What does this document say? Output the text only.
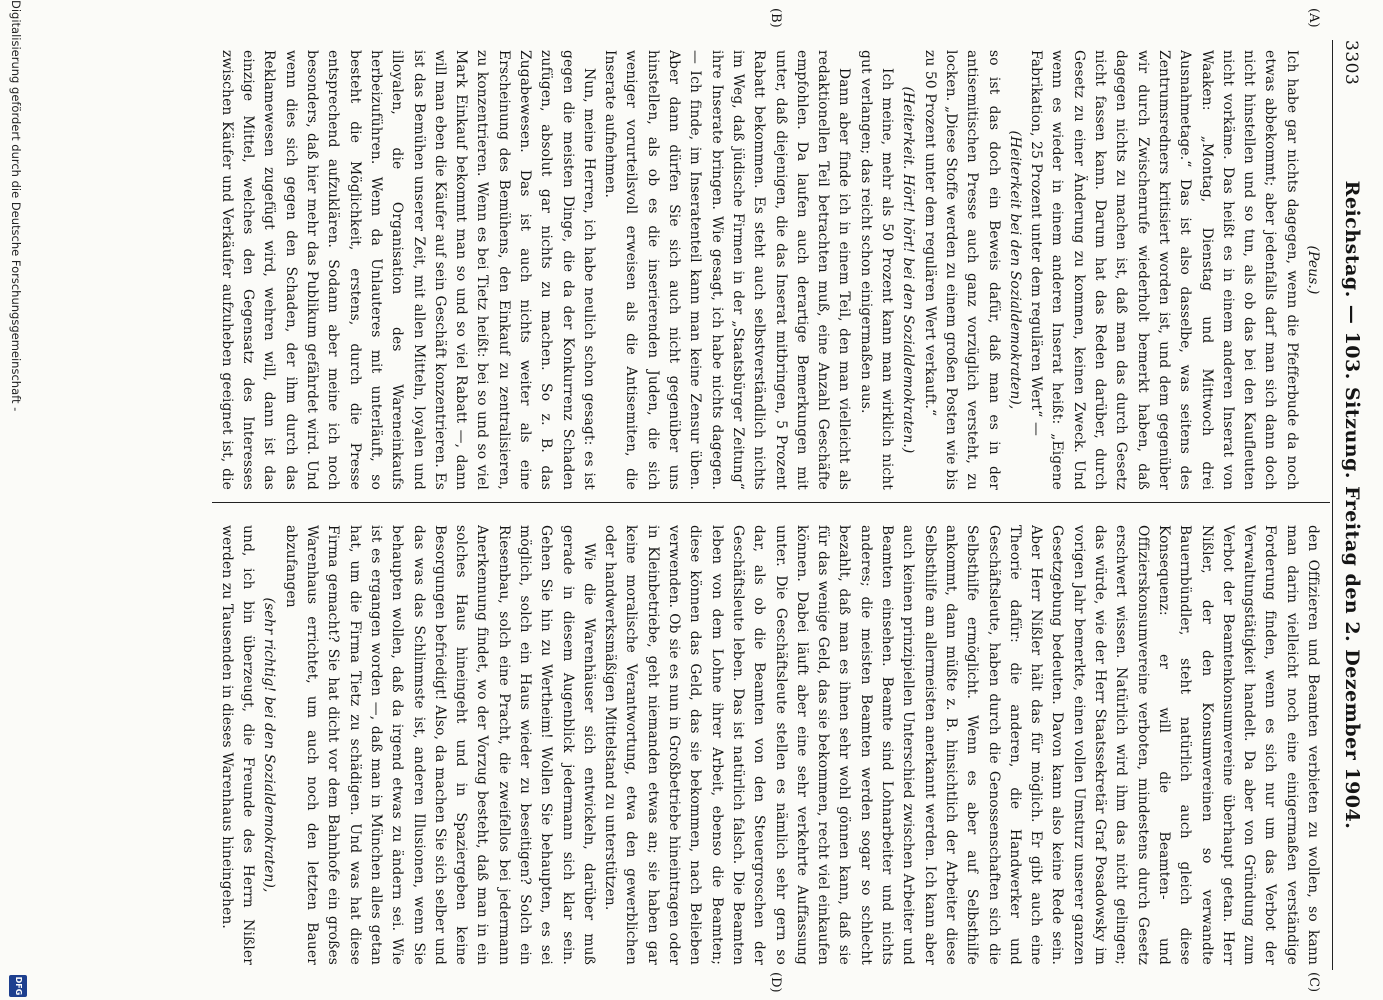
3303
Reichstag. — 103. Sitzung. Freitag den 2. Dezember 1904.
(A)
(B)
(C)
(D)

(Peus.)

Ich habe gar nichts dagegen, wenn die Pfefferbude da noch etwas abbekommt; aber jedenfalls darf man sich dann doch nicht hinstellen und so tun, als ob das bei den Kaufleuten nicht vorkäme. Das heißt es in einem anderen Inserat von Waaken: „Montag, Dienstag und Mittwoch drei Ausnahmetage.“ Das ist also dasselbe, was seitens des Zentrumsredners kritisiert worden ist, und dem gegenüber wir durch Zwischenrufe wiederholt bemerkt haben, daß dagegen nichts zu machen ist, daß man das durch Gesetz nicht fassen kann. Darum hat das Reden darüber, durch Gesetz zu einer Änderung zu kommen, keinen Zweck. Und wenn es wieder in einem anderen Inserat heißt: „Eigene Fabrikation, 25 Prozent unter dem regulären Wert“ —

(Heiterkeit bei den Sozialdemokraten),

so ist das doch ein Beweis dafür, daß man es in der antisemitischen Presse auch ganz vorzüglich versteht, zu locken. „Diese Stoffe werden zu einem großen Posten wie bis zu 50 Prozent unter dem regulären Wert verkauft.“

(Heiterkeit. Hört! hört! bei den Sozialdemokraten.)

Ich meine, mehr als 50 Prozent kann man wirklich nicht gut verlangen; das reicht schon einigermaßen aus.

Dann aber finde ich in einem Teil, den man vielleicht als redaktionellen Teil betrachten muß, eine Anzahl Geschäfte empfohlen. Da laufen auch derartige Bemerkungen mit unter, daß diejenigen, die das Inserat mitbringen, 5 Prozent Rabatt bekommen. Es steht auch selbstverständlich nichts im Weg, daß jüdische Firmen in der „Staatsbürger Zeitung“ ihre Inserate bringen. Wie gesagt, ich habe nichts dagegen. — Ich finde, im Inseratenteil kann man keine Zensur üben. Aber dann dürfen Sie sich auch nicht gegenüber uns hinstellen, als ob es die inserierenden Juden, die sich weniger vorurteilsvoll erweisen als die Antisemiten, die Inserate aufnehmen.

Nun, meine Herren, ich habe neulich schon gesagt: es ist gegen die meisten Dinge, die da der Konkurrenz Schaden zufügen, absolut gar nichts zu machen. So z. B. das Zugabewesen. Das ist auch nichts weiter als eine Erscheinung des Bemühens, den Einkauf zu zentralisieren, zu konzentrieren. Wenn es bei Tietz heißt: bei so und so viel Mark Einkauf bekommt man so und so viel Rabatt —, dann will man eben die Käufer auf sein Geschäft konzentrieren. Es ist das Bemühen unserer Zeit, mit allen Mitteln, loyalen und illoyalen, die Organisation des Wareneinkaufs herbeizuführen. Wenn da Unlauteres mit unterläuft, so besteht die Möglichkeit, erstens, durch die Presse entsprechend aufzuklären. Sodann aber meine ich noch besonders, daß hier mehr das Publikum gefährdet wird. Und wenn dies sich gegen den Schaden, der ihm durch das Reklamewesen zugefügt wird, wehren will, dann ist das einzige Mittel, welches den Gegensatz des Interesses zwischen Käufer und Verkäufer aufzuheben geeignet ist, die

den Offizieren und Beamten verbieten zu wollen, so kann man darin vielleicht noch eine einigermaßen verständige Forderung finden, wenn es sich nur um das Verbot der Verwaltungstätigkeit handelt. Da aber von Gründung zum Verbot der Beamtenkonsumvereine überhaupt getan. Herr Nißler, der den Konsumvereinen so verwandte Bauernbündler, steht natürlich auch gleich diese Konsequenz: er will die Beamten- und Offizierskonsumvereine verboten, mindestens durch Gesetz erschwert wissen. Natürlich wird ihm das nicht gelingen; das würde, wie der Herr Staatssekretär Graf Posadowsky im vorigen Jahr bemerkte, einen vollen Umsturz unserer ganzen Gesetzgebung bedeuten. Davon kann also keine Rede sein. Aber Herr Nißler hält das für möglich. Er gibt auch eine Theorie dafür: die anderen, die Handwerker und Geschäftsleute, haben durch die Genossenschaften sich die Selbsthilfe ermöglicht. Wenn es aber auf Selbsthilfe ankommt, dann müßte z. B. hinsichtlich der Arbeiter diese Selbsthilfe am allermeisten anerkannt werden. Ich kann aber auch keinen prinzipiellen Unterschied zwischen Arbeiter und Beamten einsehen. Beamte sind Lohnarbeiter und nichts anderes; die meisten Beamten werden sogar so schlecht bezahlt, daß man es ihnen sehr wohl gönnen kann, daß sie für das wenige Geld, das sie bekommen, recht viel einkaufen können. Dabei läuft aber eine sehr verkehrte Auffassung unter. Die Geschäftsleute stellen es nämlich sehr gern so dar, als ob die Beamten von den Steuergroschen der Geschäftsleute leben. Das ist natürlich falsch. Die Beamten leben von dem Lohne ihrer Arbeit, ebenso die Beamten; diese können das Geld, das sie bekommen, nach Belieben verwenden. Ob sie es nun in Großbetriebe hineintragen oder in Kleinbetriebe, geht niemanden etwas an; sie haben gar keine moralische Verantwortung, etwa den gewerblichen oder handwerksmäßigen Mittelstand zu unterstützen.

Wie die Warenhäuser sich entwickeln, darüber muß gerade in diesem Augenblick jedermann sich klar sein. Gehen Sie hin zu Wertheim! Wollen Sie behaupten, es sei möglich, solch ein Haus wieder zu beseitigen? Solch ein Riesenbau, solch eine Pracht, die zweifellos bei jedermann Anerkennung findet, wo der Vorzug besteht, daß man in ein solches Haus hineingeht und in Spaziergeben keine Besorgungen befriedigt! Also, da machen Sie sich selber und das was das Schlimmste ist, anderen Illusionen, wenn Sie behaupten wollen, daß da irgend etwas zu ändern sei. Wie ist es ergangen worden —, daß man in München alles getan hat, um die Firma Tietz zu schädigen. Und was hat diese Firma gemacht? Sie hat dicht vor dem Bahnhofe ein großes Warenhaus errichtet, um auch noch den letzten Bauer abzufangen

(sehr richtig! bei den Sozialdemokraten),

und, ich bin überzeugt, die Freunde des Herrn Nißler werden zu Tausenden in dieses Warenhaus hineingehen.

Digitalisierung gefördert durch die Deutsche Forschungsgemeinschaft -
DFG
